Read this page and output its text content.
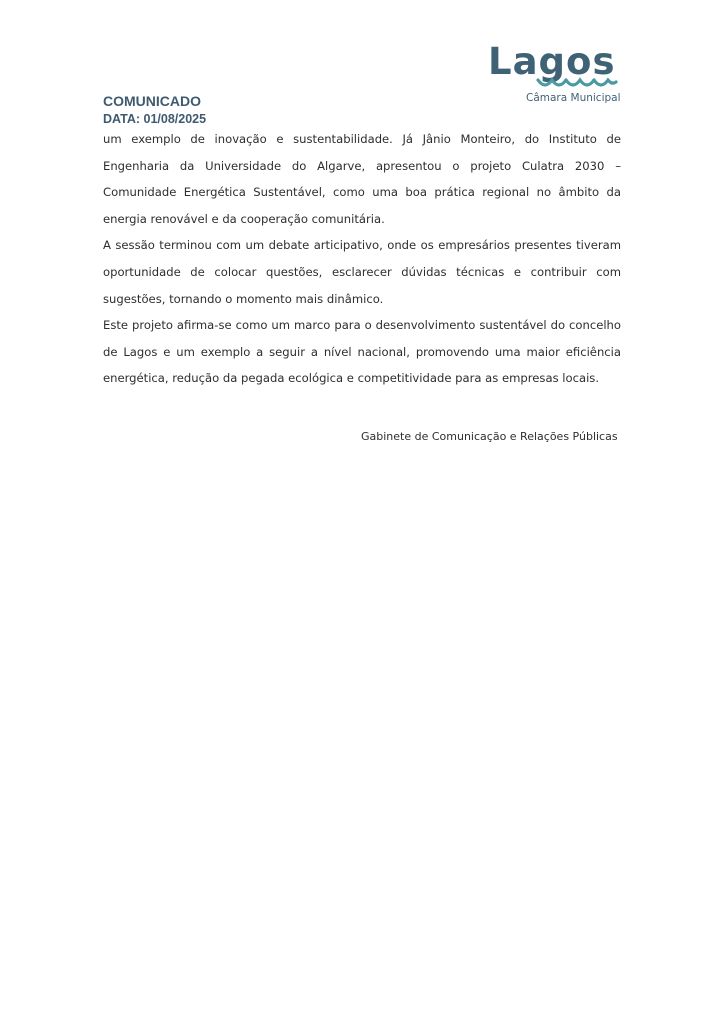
Lagos
Câmara Municipal
COMUNICADO
DATA: 01/08/2025

um exemplo de inovação e sustentabilidade. Já Jânio Monteiro, do Instituto de Engenharia da Universidade do Algarve, apresentou o projeto Culatra 2030 – Comunidade Energética Sustentável, como uma boa prática regional no âmbito da energia renovável e da cooperação comunitária.

A sessão terminou com um debate articipativo, onde os empresários presentes tiveram oportunidade de colocar questões, esclarecer dúvidas técnicas e contribuir com sugestões, tornando o momento mais dinâmico.

Este projeto afirma-se como um marco para o desenvolvimento sustentável do concelho de Lagos e um exemplo a seguir a nível nacional, promovendo uma maior eficiência energética, redução da pegada ecológica e competitividade para as empresas locais.

Gabinete de Comunicação e Relações Públicas
